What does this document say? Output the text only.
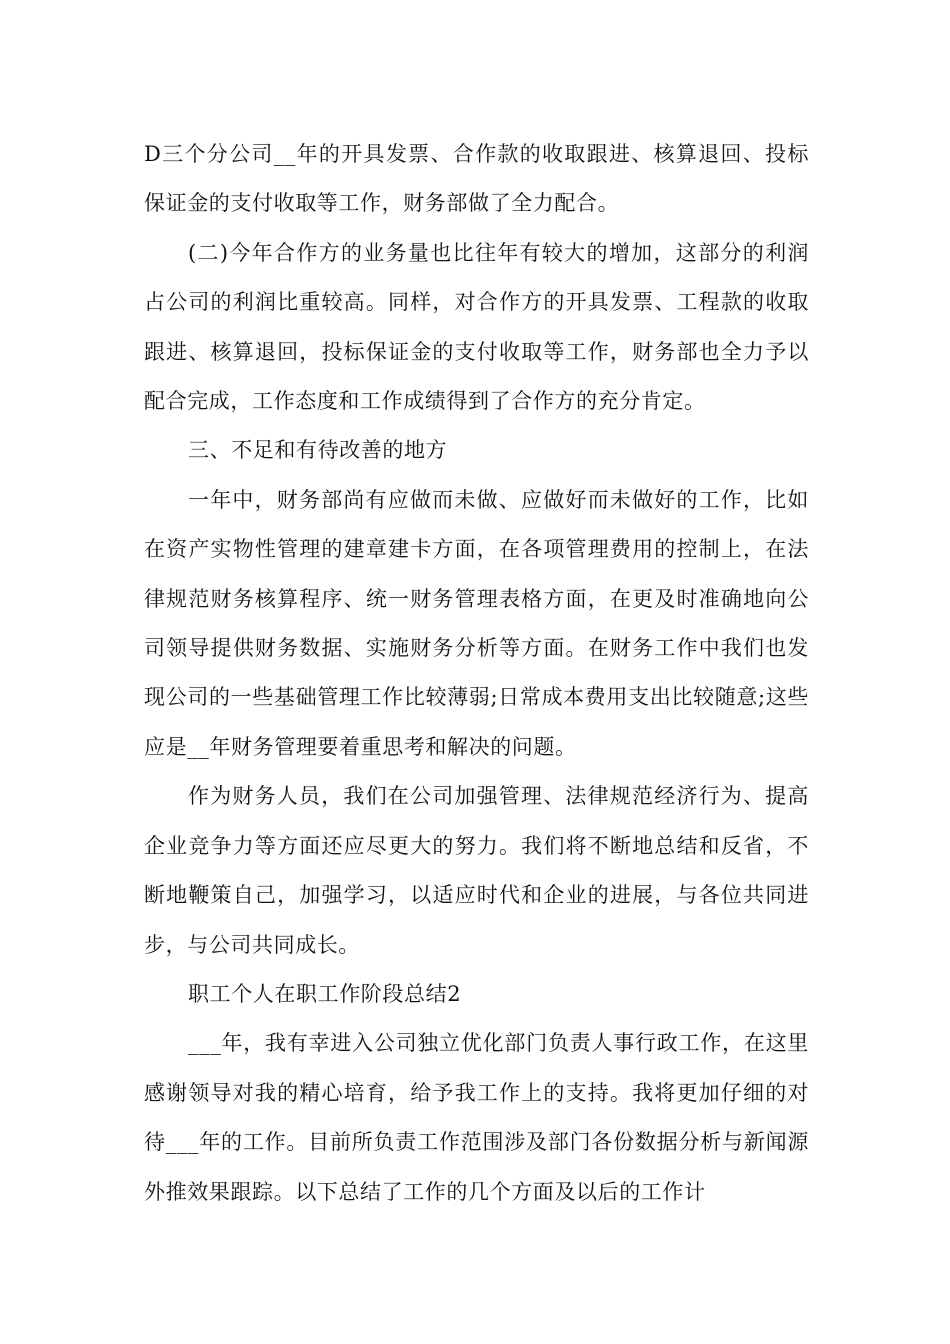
D三个分公司__年的开具发票、合作款的收取跟进、核算退回、投标保证金的支付收取等工作，财务部做了全力配合。

(二)今年合作方的业务量也比往年有较大的增加，这部分的利润占公司的利润比重较高。同样，对合作方的开具发票、工程款的收取跟进、核算退回，投标保证金的支付收取等工作，财务部也全力予以配合完成，工作态度和工作成绩得到了合作方的充分肯定。

三、不足和有待改善的地方

一年中，财务部尚有应做而未做、应做好而未做好的工作，比如在资产实物性管理的建章建卡方面，在各项管理费用的控制上，在法律规范财务核算程序、统一财务管理表格方面，在更及时准确地向公司领导提供财务数据、实施财务分析等方面。在财务工作中我们也发现公司的一些基础管理工作比较薄弱;日常成本费用支出比较随意;这些应是__年财务管理要着重思考和解决的问题。

作为财务人员，我们在公司加强管理、法律规范经济行为、提高企业竞争力等方面还应尽更大的努力。我们将不断地总结和反省，不断地鞭策自己，加强学习，以适应时代和企业的进展，与各位共同进步，与公司共同成长。

职工个人在职工作阶段总结2

___年，我有幸进入公司独立优化部门负责人事行政工作，在这里感谢领导对我的精心培育，给予我工作上的支持。我将更加仔细的对待___年的工作。目前所负责工作范围涉及部门各份数据分析与新闻源外推效果跟踪。以下总结了工作的几个方面及以后的工作计
